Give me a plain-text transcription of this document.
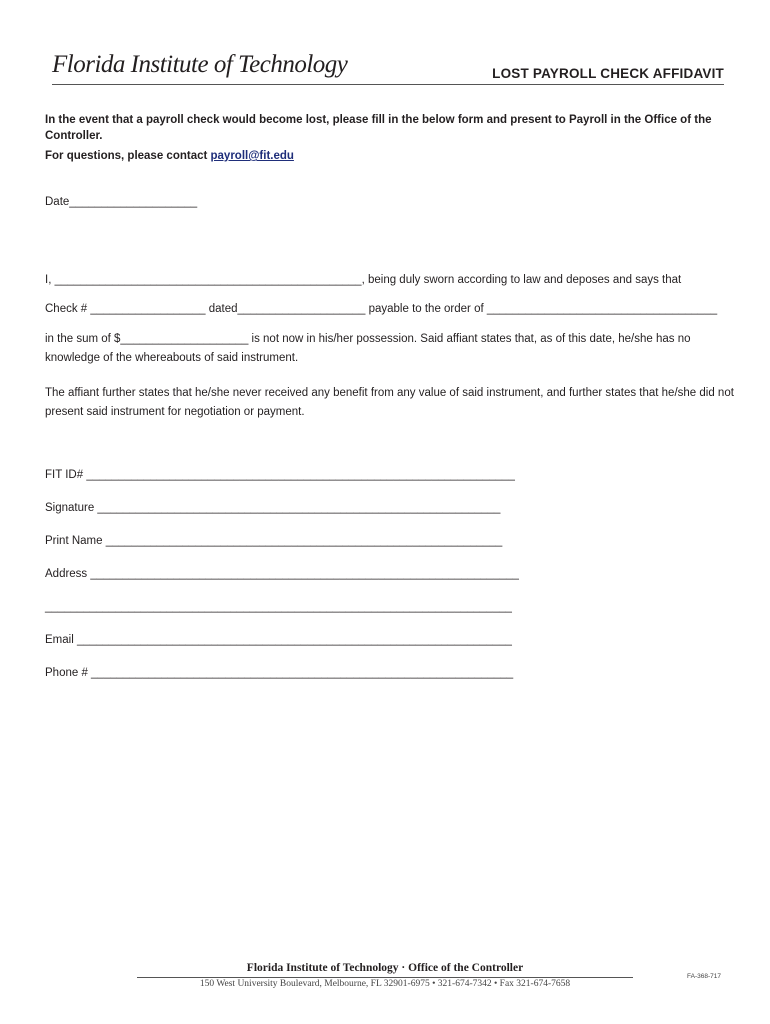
Florida Institute of Technology	LOST PAYROLL CHECK AFFIDAVIT
In the event that a payroll check would become lost, please fill in the below form and present to Payroll in the Office of the Controller.
For questions, please contact payroll@fit.edu
Date____________________
I, ________________________________________________, being duly sworn according to law and deposes and says that
Check # __________________ dated____________________ payable to the order of ____________________________________
in the sum of $____________________ is not now in his/her possession. Said affiant states that, as of this date, he/she has no knowledge of the whereabouts of said instrument.
The affiant further states that he/she never received any benefit from any value of said instrument, and further states that he/she did not present said instrument for negotiation or payment.
FIT ID# ___________________________________________________________________
Signature _______________________________________________________________
Print Name ______________________________________________________________
Address ___________________________________________________________________
_________________________________________________________________________
Email ____________________________________________________________________
Phone # __________________________________________________________________
Florida Institute of Technology · Office of the Controller
150 West University Boulevard, Melbourne, FL 32901-6975 • 321-674-7342 • Fax 321-674-7658
FA-368-717
